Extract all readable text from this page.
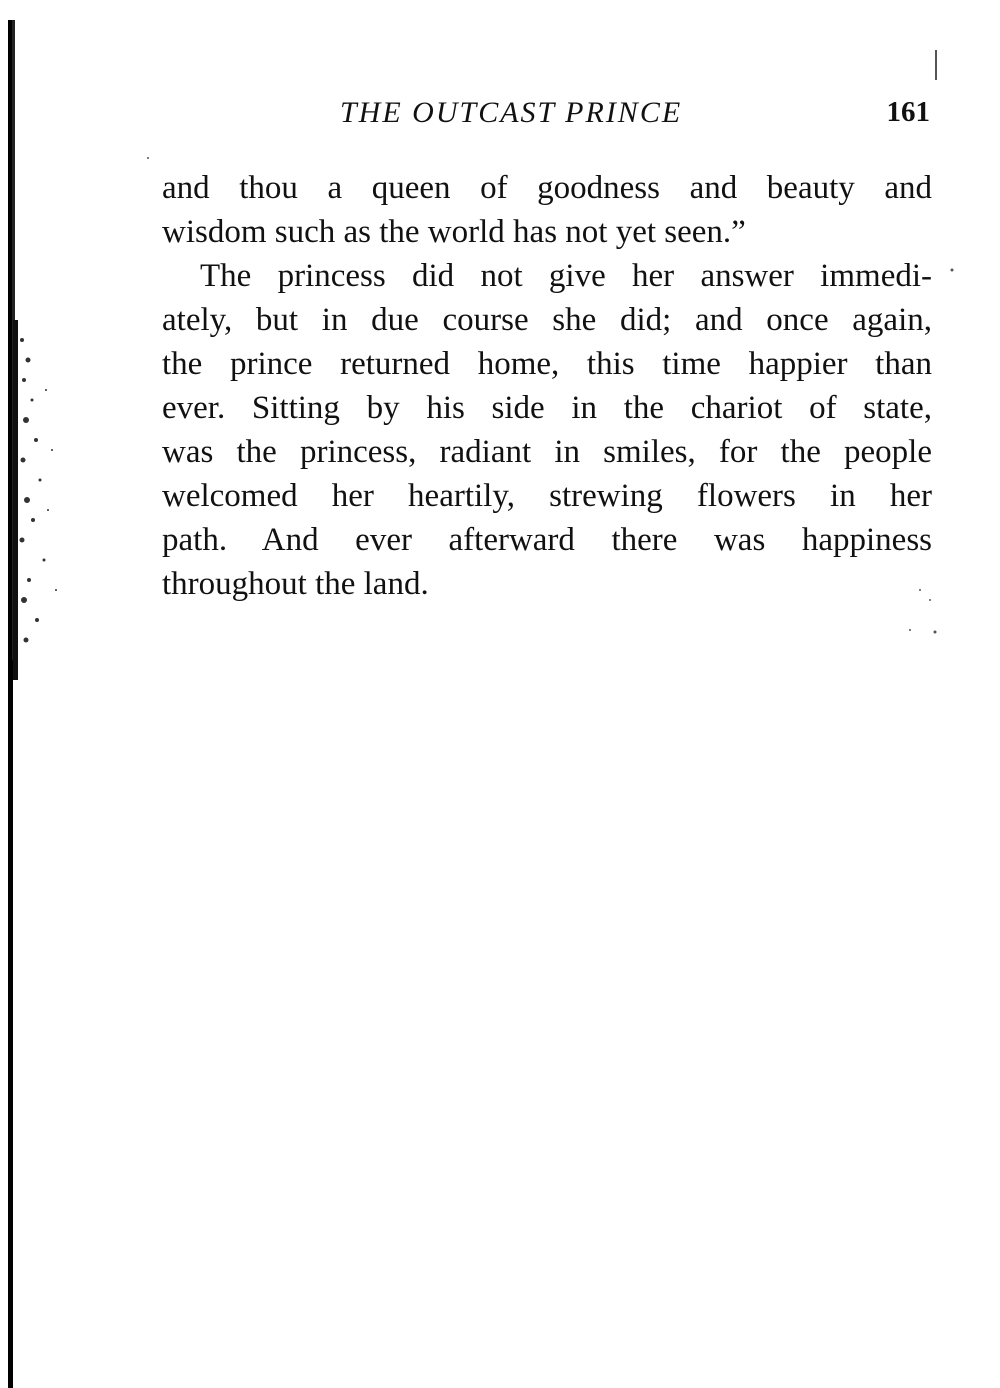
THE OUTCAST PRINCE	161
and thou a queen of goodness and beauty and
wisdom such as the world has not yet seen.”
The princess did not give her answer immedi-
ately, but in due course she did; and once again,
the prince returned home, this time happier than
ever. Sitting by his side in the chariot of state,
was the princess, radiant in smiles, for the people
welcomed her heartily, strewing flowers in her
path. And ever afterward there was happiness
throughout the land.
